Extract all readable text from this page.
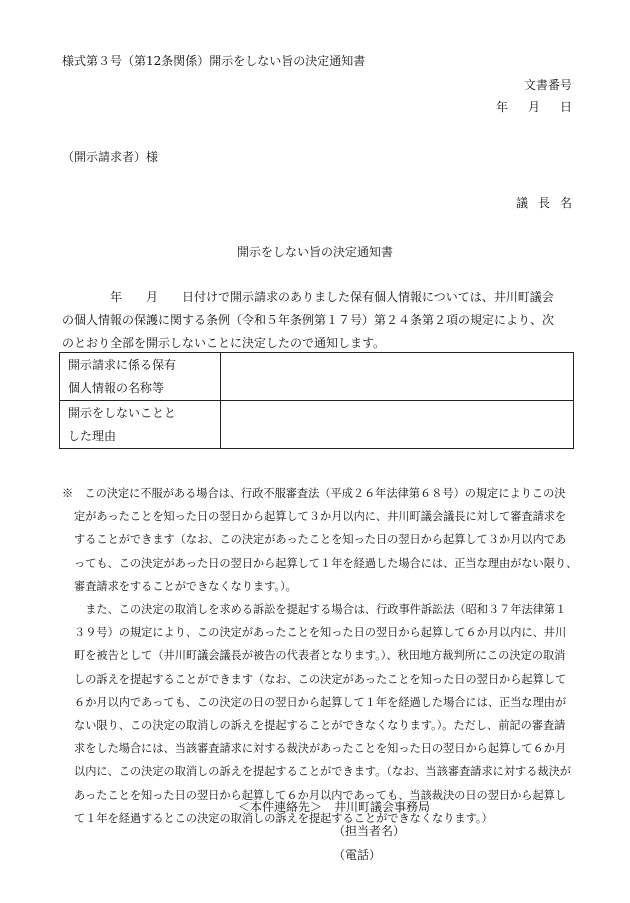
様式第３号（第12条関係）開示をしない旨の決定通知書
文書番号
年 月 日
（開示請求者）様
議長名
開示をしない旨の決定通知書
　　　　年　　月　　日付けで開示請求のありました保有個人情報については、井川町議会
の個人情報の保護に関する条例（令和５年条例第１７号）第２４条第２項の規定により、次
のとおり全部を開示しないことに決定したので通知します。
開示請求に係る保有
個人情報の名称等	

開示をしないことと
した理由	

※　この決定に不服がある場合は、行政不服審査法（平成２６年法律第６８号）の規定によりこの決
定があったことを知った日の翌日から起算して３か月以内に、井川町議会議長に対して審査請求を
することができます（なお、この決定があったことを知った日の翌日から起算して３か月以内であ
っても、この決定があった日の翌日から起算して１年を経過した場合には、正当な理由がない限り、
審査請求をすることができなくなります。）。
　また、この決定の取消しを求める訴訟を提起する場合は、行政事件訴訟法（昭和３７年法律第１
３９号）の規定により、この決定があったことを知った日の翌日から起算して６か月以内に、井川
町を被告として（井川町議会議長が被告の代表者となります。）、秋田地方裁判所にこの決定の取消
しの訴えを提起することができます（なお、この決定があったことを知った日の翌日から起算して
６か月以内であっても、この決定の日の翌日から起算して１年を経過した場合には、正当な理由が
ない限り、この決定の取消しの訴えを提起することができなくなります。）。ただし、前記の審査請
求をした場合には、当該審査請求に対する裁決があったことを知った日の翌日から起算して６か月
以内に、この決定の取消しの訴えを提起することができます。（なお、当該審査請求に対する裁決が
あったことを知った日の翌日から起算して６か月以内であっても、当該裁決の日の翌日から起算し
て１年を経過するとこの決定の取消しの訴えを提起することができなくなります。）
＜本件連絡先＞　井川町議会事務局
（担当者名）
（電話）
